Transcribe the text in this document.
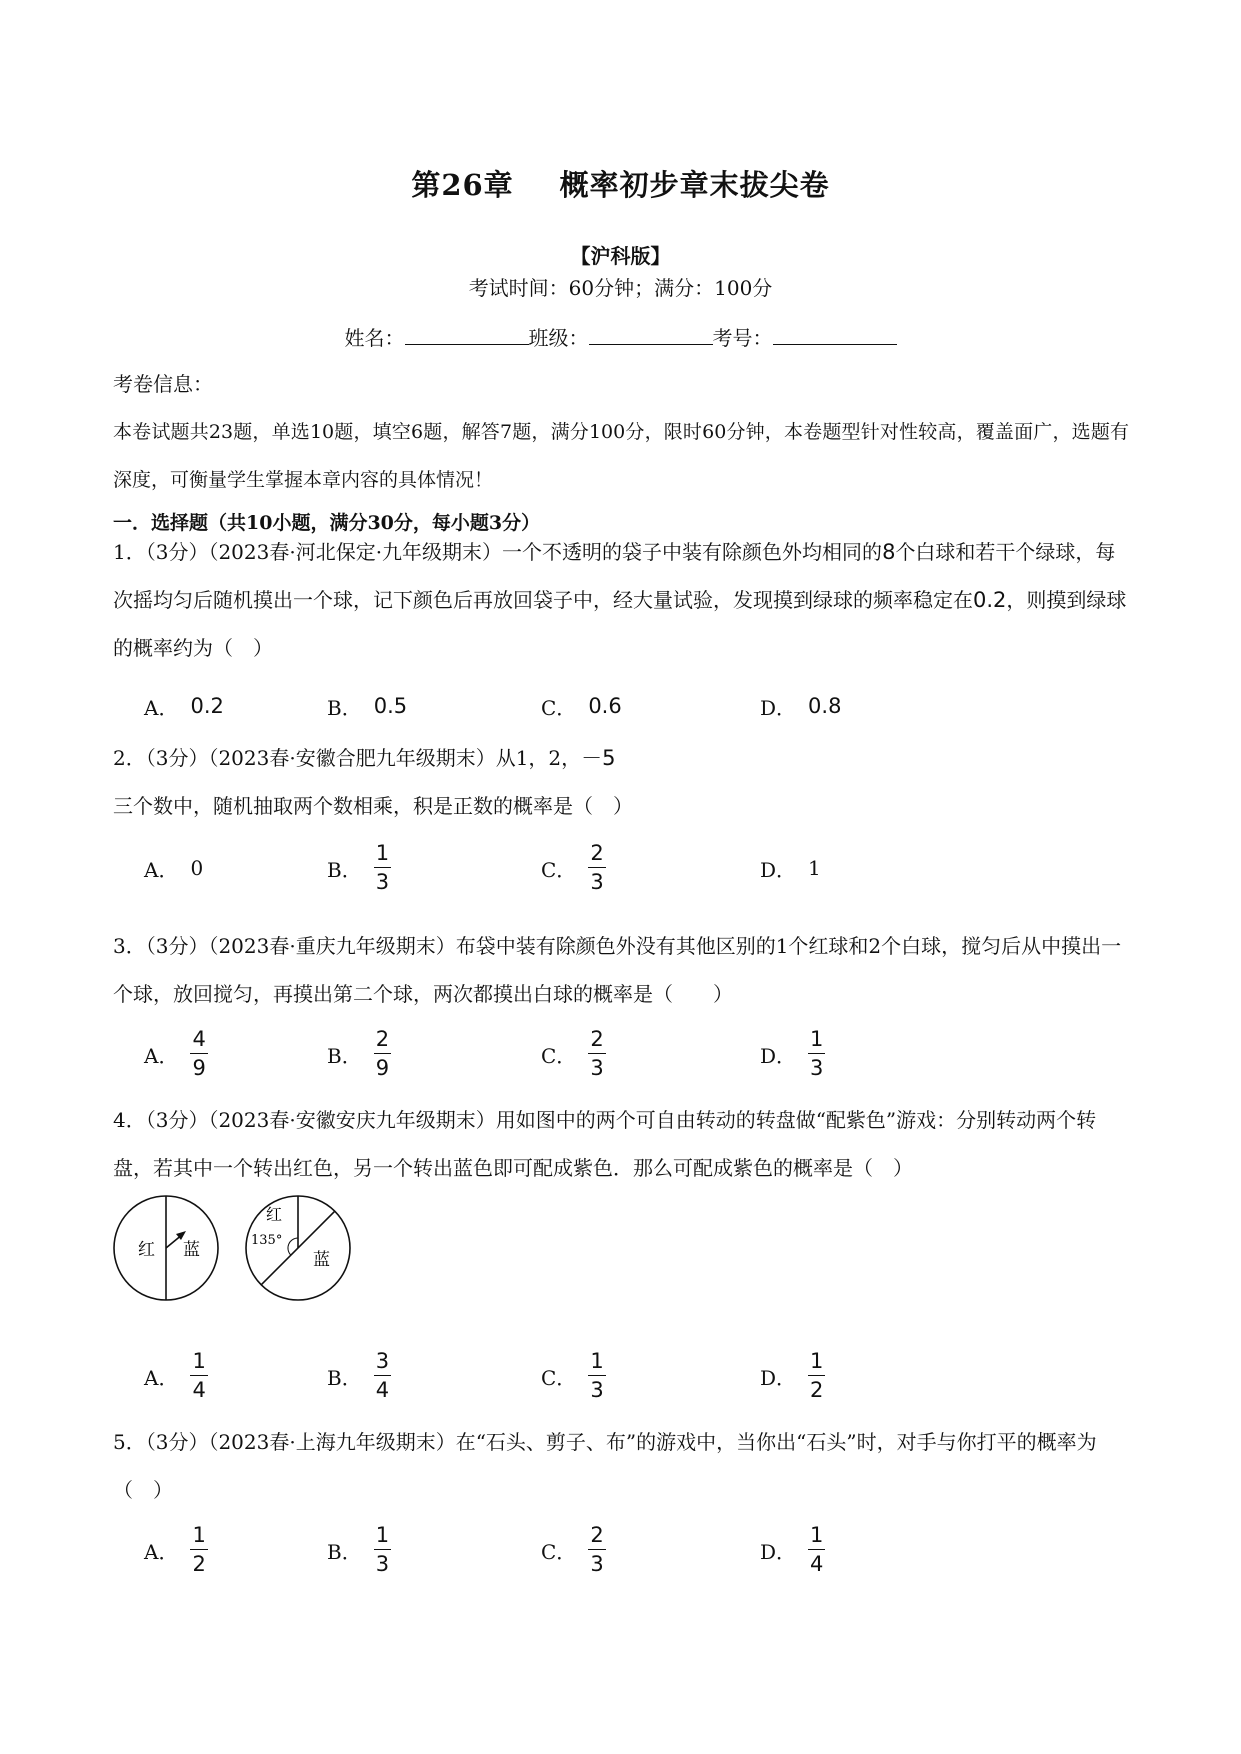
第26章 概率初步章末拔尖卷
【沪科版】
考试时间：60分钟；满分：100分
姓名：	班级：	考号：
考卷信息：
本卷试题共23题，单选10题，填空6题，解答7题，满分100分，限时60分钟，本卷题型针对性较高，覆盖面广，选题有深度，可衡量学生掌握本章内容的具体情况！
一．选择题（共10小题，满分30分，每小题3分）
1．（3分）（2023春·河北保定·九年级期末）一个不透明的袋子中装有除颜色外均相同的8个白球和若干个绿球，每次摇均匀后随机摸出一个球，记下颜色后再放回袋子中，经大量试验，发现摸到绿球的频率稳定在0.2，则摸到绿球的概率约为（　）
A． 0.2	B． 0.5	C． 0.6	D． 0.8
2．（3分）（2023春·安徽合肥九年级期末）从1，2，－5三个数中，随机抽取两个数相乘，积是正数的概率是（　）
A． 0	B． $\frac{1}{3}$	C． $\frac{2}{3}$	D． 1
3．（3分）（2023春·重庆九年级期末）布袋中装有除颜色外没有其他区别的1个红球和2个白球，搅匀后从中摸出一个球，放回搅匀，再摸出第二个球，两次都摸出白球的概率是（　　）
A． $\frac{4}{9}$	B． $\frac{2}{9}$	C． $\frac{2}{3}$	D． $\frac{1}{3}$
4．（3分）（2023春·安徽安庆九年级期末）用如图中的两个可自由转动的转盘做“配紫色”游戏：分别转动两个转盘，若其中一个转出红色，另一个转出蓝色即可配成紫色．那么可配成紫色的概率是（　）
红 蓝
红
135°
蓝
A． $\frac{1}{4}$	B． $\frac{3}{4}$	C． $\frac{1}{3}$	D． $\frac{1}{2}$
5．（3分）（2023春·上海九年级期末）在“石头、剪子、布”的游戏中，当你出“石头”时，对手与你打平的概率为（　）
A． $\frac{1}{2}$	B． $\frac{1}{3}$	C． $\frac{2}{3}$	D． $\frac{1}{4}$
